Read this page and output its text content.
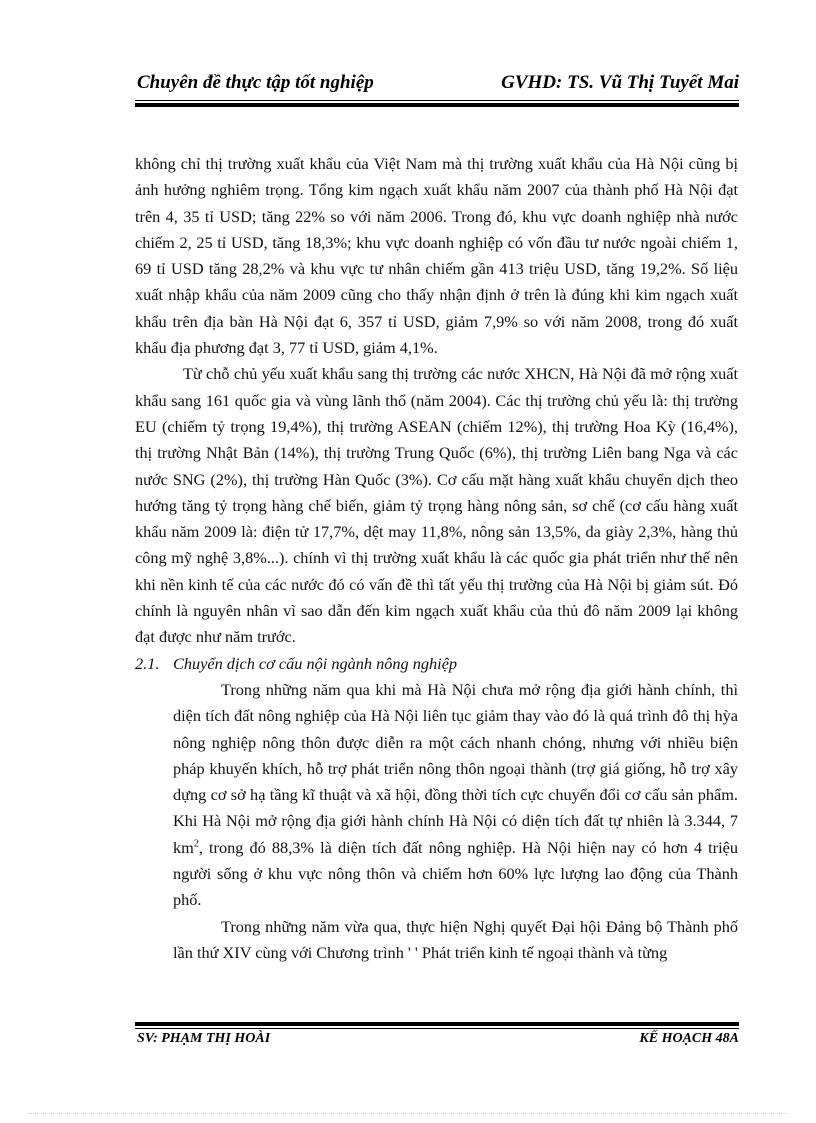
Chuyên đề thực tập tốt nghiệp	GVHD: TS. Vũ Thị Tuyết Mai

không chỉ thị trường xuất khẩu của Việt Nam mà thị trường xuất khẩu của Hà Nội cũng bị ảnh hưởng nghiêm trọng. Tổng kim ngạch xuất khẩu năm 2007 của thành phố Hà Nội đạt trên 4, 35 tỉ USD; tăng 22% so với năm 2006. Trong đó, khu vực doanh nghiệp nhà nước chiếm 2, 25 tỉ USD, tăng 18,3%; khu vực doanh nghiệp có vốn đầu tư nước ngoài chiếm 1, 69 tỉ USD tăng 28,2% và khu vực tư nhân chiếm gần 413 triệu USD, tăng 19,2%. Số liệu xuất nhập khẩu của năm 2009 cũng cho thấy nhận định ở trên là đúng khi kim ngạch xuất khẩu trên địa bàn Hà Nội đạt 6, 357 tỉ USD, giảm 7,9% so với năm 2008, trong đó xuất khẩu địa phương đạt 3, 77 tỉ USD, giảm 4,1%.

Từ chỗ chủ yếu xuất khẩu sang thị trường các nước XHCN, Hà Nội đã mở rộng xuất khẩu sang 161 quốc gia và vùng lãnh thổ (năm 2004). Các thị trường chủ yếu là: thị trường EU (chiếm tỷ trọng 19,4%), thị trường ASEAN (chiếm 12%), thị trường Hoa Kỳ (16,4%), thị trường Nhật Bản (14%), thị trường Trung Quốc (6%), thị trường Liên bang Nga và các nước SNG (2%), thị trường Hàn Quốc (3%). Cơ cấu mặt hàng xuất khẩu chuyển dịch theo hướng tăng tỷ trọng hàng chế biến, giảm tỷ trọng hàng nông sản, sơ chế (cơ cấu hàng xuất khẩu năm 2009 là: điện tử 17,7%, dệt may 11,8%, nông sản 13,5%, da giày 2,3%, hàng thủ công mỹ nghệ 3,8%...). chính vì thị trường xuất khẩu là các quốc gia phát triển như thế nên khi nền kinh tế của các nước đó có vấn đề thì tất yếu thị trường của Hà Nội bị giảm sút. Đó chính là nguyên nhân vì sao dẫn đến kim ngạch xuất khẩu của thủ đô năm 2009 lại không đạt được như năm trước.

2.1. Chuyển dịch cơ cấu nội ngành nông nghiệp

Trong những năm qua khi mà Hà Nội chưa mở rộng địa giới hành chính, thì diện tích đất nông nghiệp của Hà Nội liên tục giảm thay vào đó là quá trình đô thị hỳa nông nghiệp nông thôn được diễn ra một cách nhanh chóng, nhưng với nhiều biện pháp khuyến khích, hỗ trợ phát triển nông thôn ngoại thành (trợ giá giống, hỗ trợ xây dựng cơ sở hạ tầng kĩ thuật và xã hội, đồng thời tích cực chuyển đổi cơ cấu sản phẩm. Khi Hà Nội mở rộng địa giới hành chính Hà Nội có diện tích đất tự nhiên là 3.344, 7 $km^2$, trong đó 88,3% là diện tích đất nông nghiệp. Hà Nội hiện nay có hơn 4 triệu người sống ở khu vực nông thôn và chiếm hơn 60% lực lượng lao động của Thành phố.

Trong những năm vừa qua, thực hiện Nghị quyết Đại hội Đảng bộ Thành phố lần thứ XIV cùng với Chương trình ' ' Phát triển kinh tế ngoại thành và từng

SV: PHẠM THỊ HOÀI	KẾ HOẠCH 48A
